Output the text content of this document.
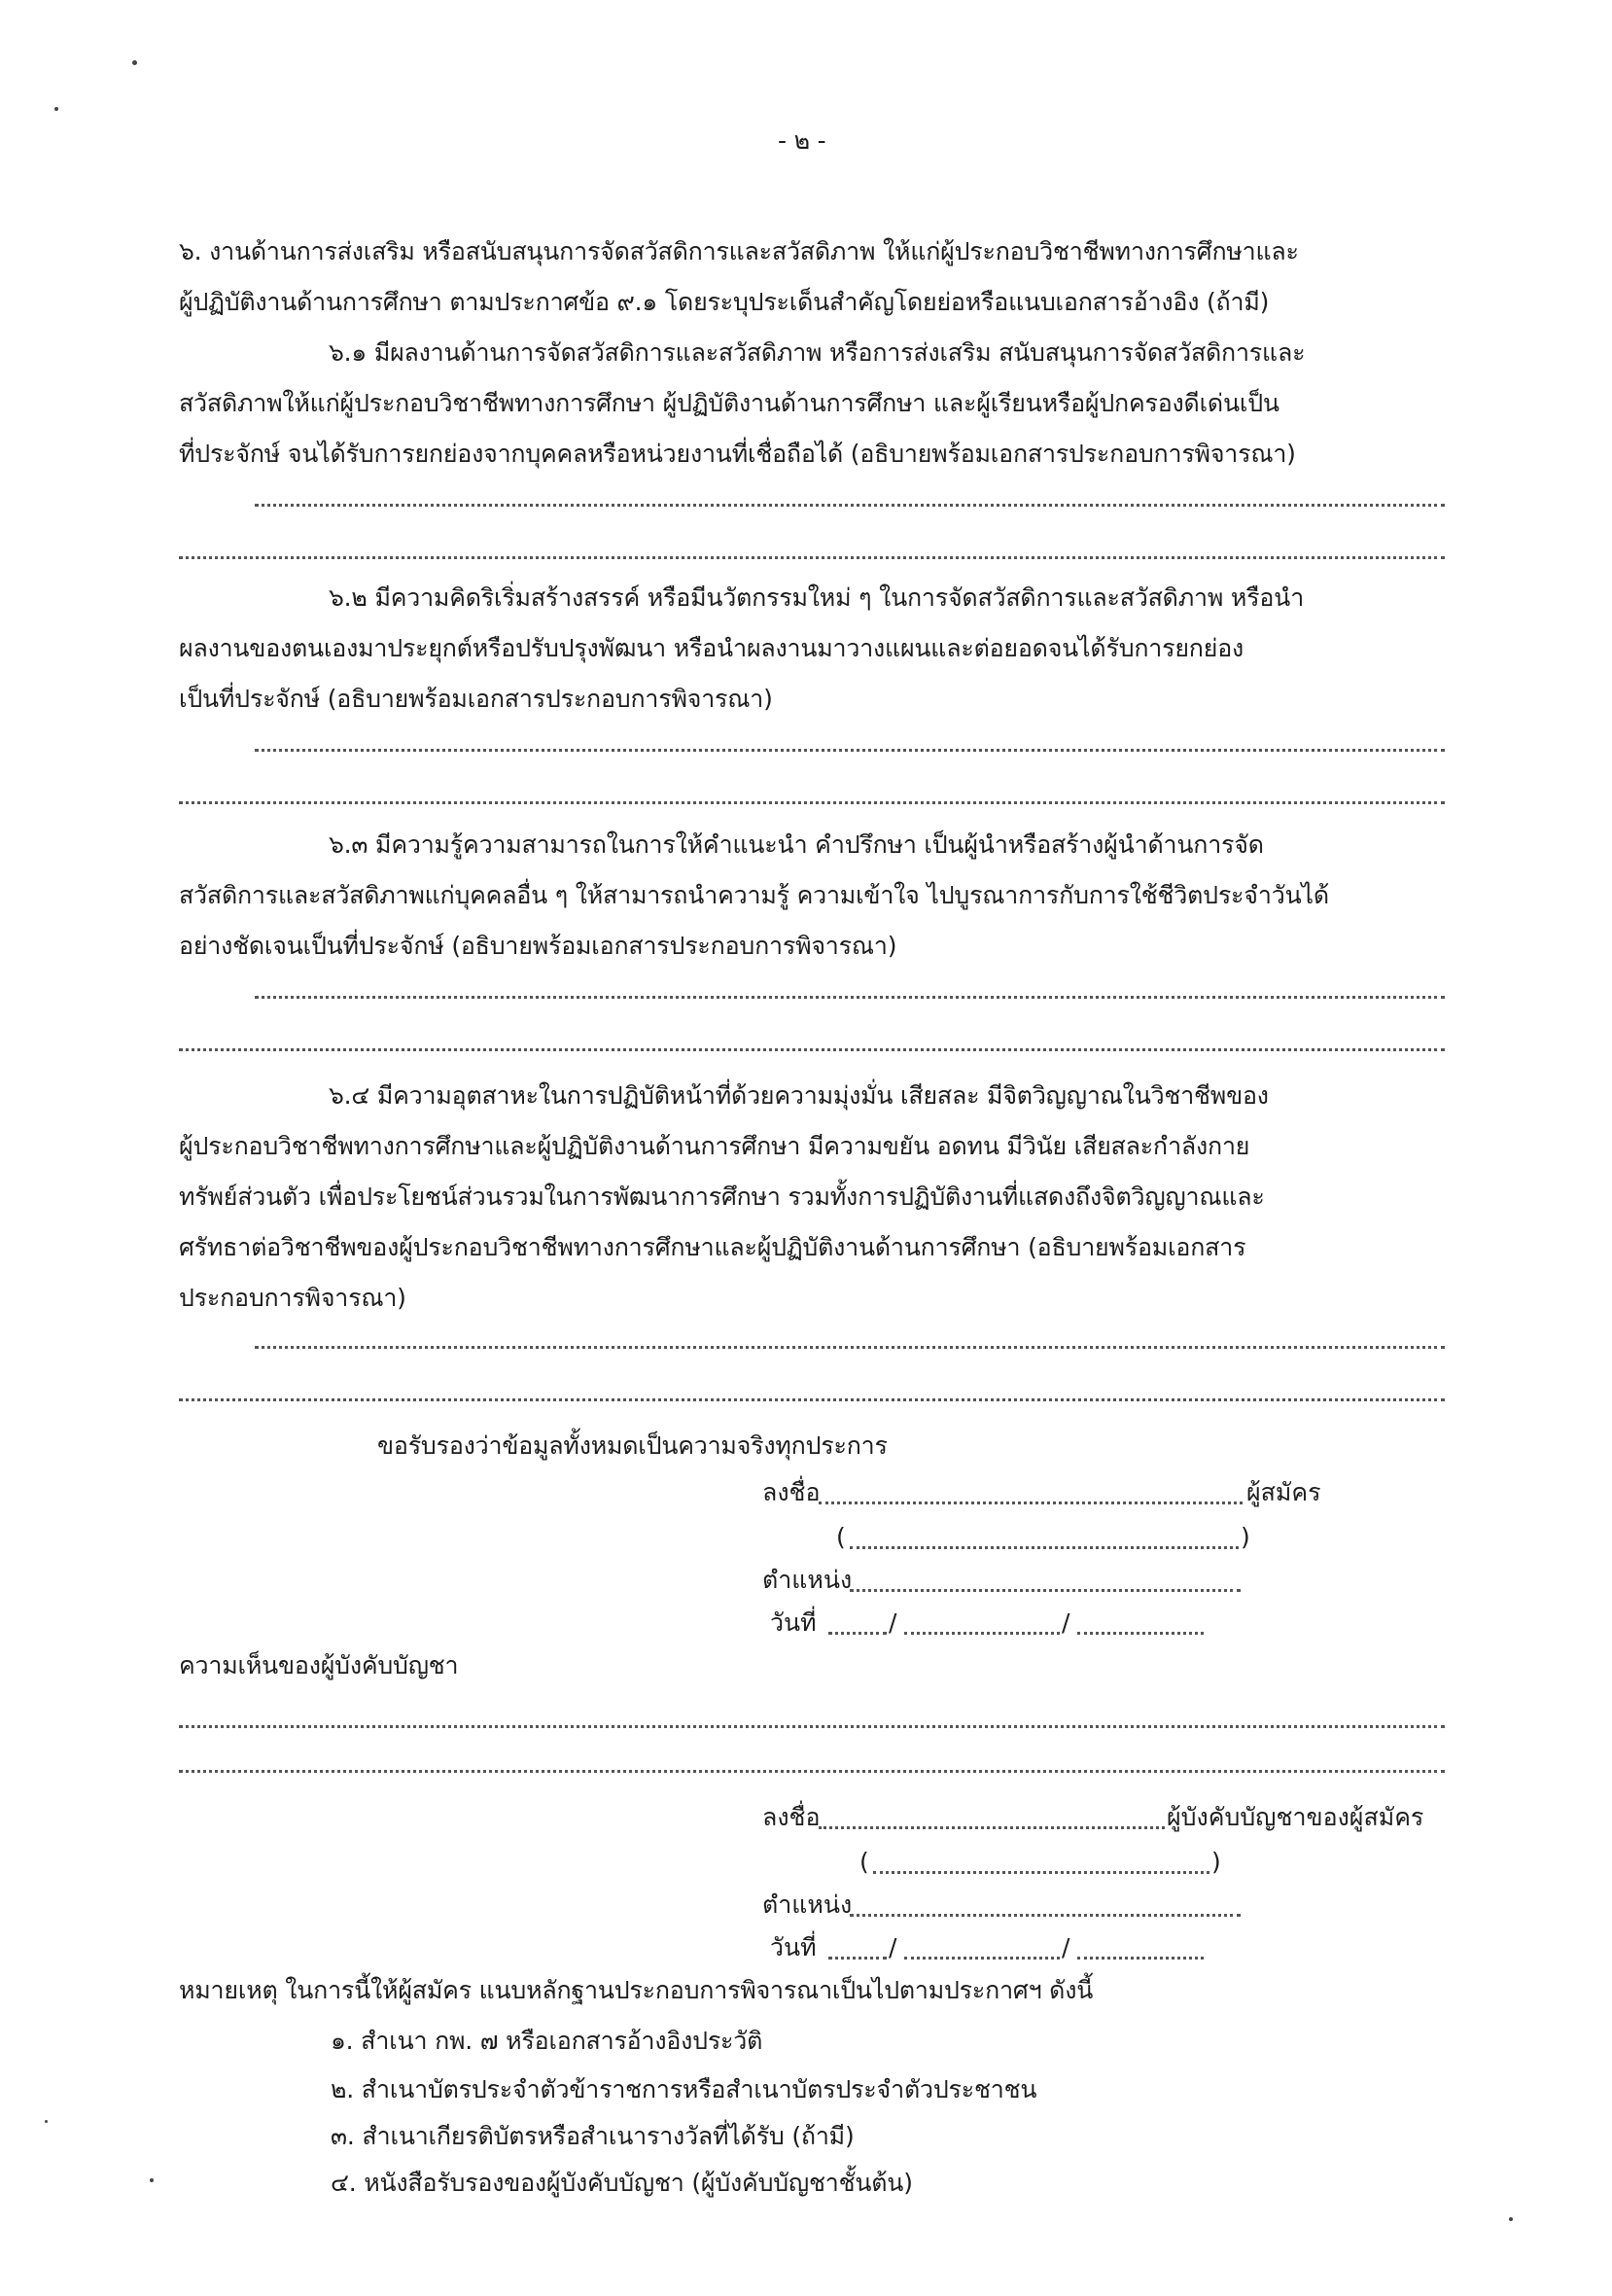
- ๒ -
๖. งานด้านการส่งเสริม หรือสนับสนุนการจัดสวัสดิการและสวัสดิภาพ ให้แก่ผู้ประกอบวิชาชีพทางการศึกษาและ
ผู้ปฏิบัติงานด้านการศึกษา ตามประกาศข้อ ๙.๑ โดยระบุประเด็นสำคัญโดยย่อหรือแนบเอกสารอ้างอิง (ถ้ามี)
๖.๑ มีผลงานด้านการจัดสวัสดิการและสวัสดิภาพ หรือการส่งเสริม สนับสนุนการจัดสวัสดิการและ
สวัสดิภาพให้แก่ผู้ประกอบวิชาชีพทางการศึกษา ผู้ปฏิบัติงานด้านการศึกษา และผู้เรียนหรือผู้ปกครองดีเด่นเป็น
ที่ประจักษ์ จนได้รับการยกย่องจากบุคคลหรือหน่วยงานที่เชื่อถือได้ (อธิบายพร้อมเอกสารประกอบการพิจารณา)
๖.๒ มีความคิดริเริ่มสร้างสรรค์ หรือมีนวัตกรรมใหม่ ๆ ในการจัดสวัสดิการและสวัสดิภาพ หรือนำ
ผลงานของตนเองมาประยุกต์หรือปรับปรุงพัฒนา หรือนำผลงานมาวางแผนและต่อยอดจนได้รับการยกย่อง
เป็นที่ประจักษ์ (อธิบายพร้อมเอกสารประกอบการพิจารณา)
๖.๓ มีความรู้ความสามารถในการให้คำแนะนำ คำปรึกษา เป็นผู้นำหรือสร้างผู้นำด้านการจัด
สวัสดิการและสวัสดิภาพแก่บุคคลอื่น ๆ ให้สามารถนำความรู้ ความเข้าใจ ไปบูรณาการกับการใช้ชีวิตประจำวันได้
อย่างชัดเจนเป็นที่ประจักษ์ (อธิบายพร้อมเอกสารประกอบการพิจารณา)
๖.๔ มีความอุตสาหะในการปฏิบัติหน้าที่ด้วยความมุ่งมั่น เสียสละ มีจิตวิญญาณในวิชาชีพของ
ผู้ประกอบวิชาชีพทางการศึกษาและผู้ปฏิบัติงานด้านการศึกษา มีความขยัน อดทน มีวินัย เสียสละกำลังกาย
ทรัพย์ส่วนตัว เพื่อประโยชน์ส่วนรวมในการพัฒนาการศึกษา รวมทั้งการปฏิบัติงานที่แสดงถึงจิตวิญญาณและ
ศรัทธาต่อวิชาชีพของผู้ประกอบวิชาชีพทางการศึกษาและผู้ปฏิบัติงานด้านการศึกษา (อธิบายพร้อมเอกสาร
ประกอบการพิจารณา)
ขอรับรองว่าข้อมูลทั้งหมดเป็นความจริงทุกประการ
ลงชื่อ	ผู้สมัคร
(	)
ตำแหน่ง
วันที่	/	/
ความเห็นของผู้บังคับบัญชา
ลงชื่อ	ผู้บังคับบัญชาของผู้สมัคร
(	)
ตำแหน่ง
วันที่	/	/
หมายเหตุ ในการนี้ให้ผู้สมัคร แนบหลักฐานประกอบการพิจารณาเป็นไปตามประกาศฯ ดังนี้
๑. สำเนา กพ. ๗ หรือเอกสารอ้างอิงประวัติ
๒. สำเนาบัตรประจำตัวข้าราชการหรือสำเนาบัตรประจำตัวประชาชน
๓. สำเนาเกียรติบัตรหรือสำเนารางวัลที่ได้รับ (ถ้ามี)
๔. หนังสือรับรองของผู้บังคับบัญชา (ผู้บังคับบัญชาชั้นต้น)
